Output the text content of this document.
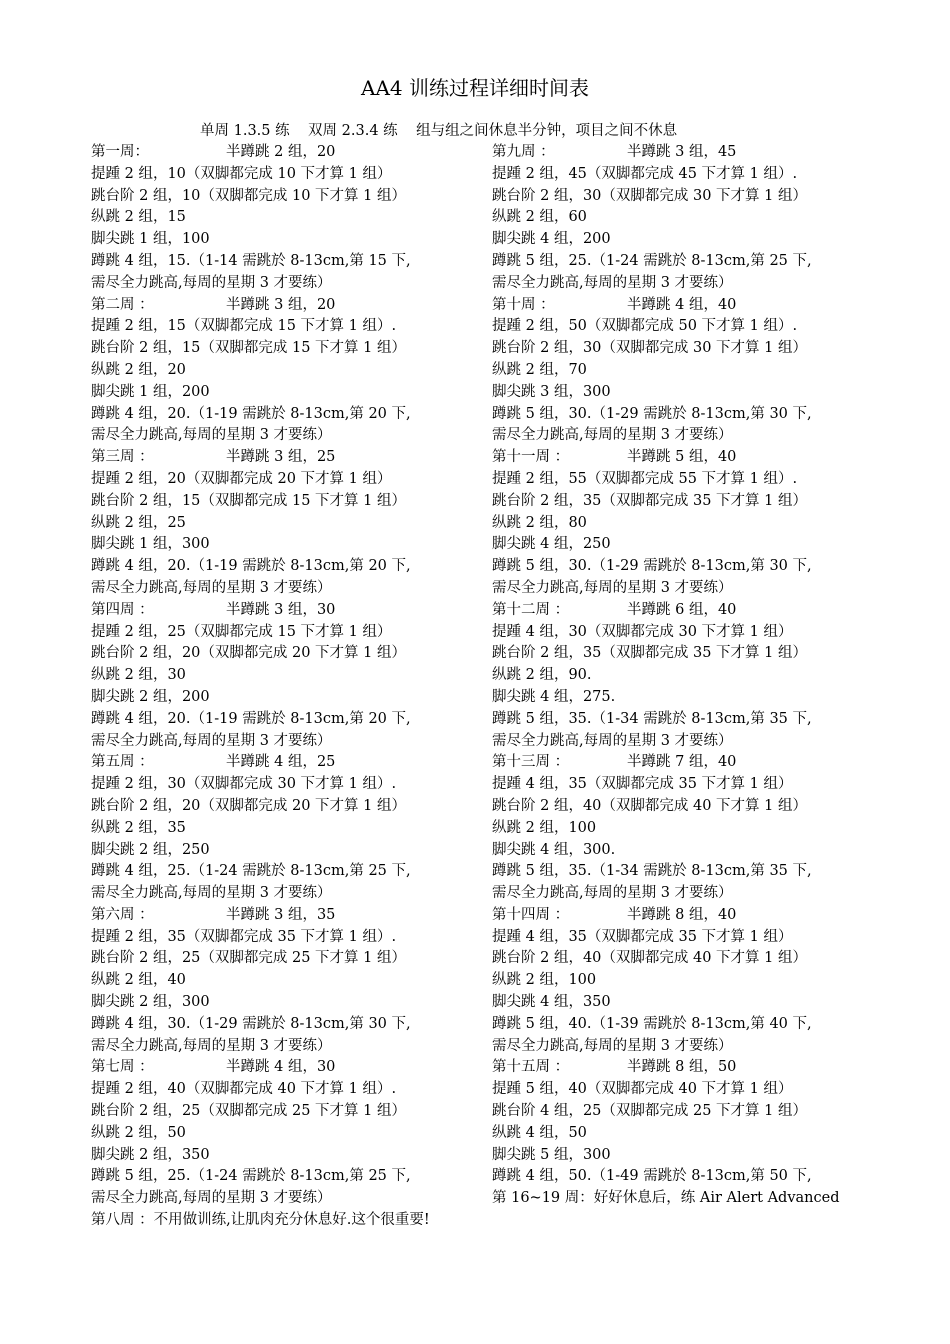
AA4 训练过程详细时间表
单周 1.3.5 练    双周 2.3.4 练    组与组之间休息半分钟，项目之间不休息
第一周：	半蹲跳 2 组，20
提踵 2 组，10（双脚都完成 10 下才算 1 组）
跳台阶 2 组，10（双脚都完成 10 下才算 1 组）
纵跳 2 组，15
脚尖跳 1 组，100
蹲跳 4 组，15.（1-14 需跳於 8-13cm,第 15 下,
需尽全力跳高,每周的星期 3 才要练）
第二周 ：	半蹲跳 3 组，20
提踵 2 组，15（双脚都完成 15 下才算 1 组）.
跳台阶 2 组，15（双脚都完成 15 下才算 1 组）
纵跳 2 组，20
脚尖跳 1 组，200
蹲跳 4 组，20.（1-19 需跳於 8-13cm,第 20 下,
需尽全力跳高,每周的星期 3 才要练）
第三周 ：	半蹲跳 3 组，25
提踵 2 组，20（双脚都完成 20 下才算 1 组）
跳台阶 2 组，15（双脚都完成 15 下才算 1 组）
纵跳 2 组，25
脚尖跳 1 组，300
蹲跳 4 组，20.（1-19 需跳於 8-13cm,第 20 下,
需尽全力跳高,每周的星期 3 才要练）
第四周 ：	半蹲跳 3 组，30
提踵 2 组，25（双脚都完成 15 下才算 1 组）
跳台阶 2 组，20（双脚都完成 20 下才算 1 组）
纵跳 2 组，30
脚尖跳 2 组，200
蹲跳 4 组，20.（1-19 需跳於 8-13cm,第 20 下,
需尽全力跳高,每周的星期 3 才要练）
第五周 ：	半蹲跳 4 组，25
提踵 2 组，30（双脚都完成 30 下才算 1 组）.
跳台阶 2 组，20（双脚都完成 20 下才算 1 组）
纵跳 2 组，35
脚尖跳 2 组，250
蹲跳 4 组，25.（1-24 需跳於 8-13cm,第 25 下,
需尽全力跳高,每周的星期 3 才要练）
第六周 ：	半蹲跳 3 组，35
提踵 2 组，35（双脚都完成 35 下才算 1 组）.
跳台阶 2 组，25（双脚都完成 25 下才算 1 组）
纵跳 2 组，40
脚尖跳 2 组，300
蹲跳 4 组，30.（1-29 需跳於 8-13cm,第 30 下,
需尽全力跳高,每周的星期 3 才要练）
第七周 ：	半蹲跳 4 组，30
提踵 2 组，40（双脚都完成 40 下才算 1 组）.
跳台阶 2 组，25（双脚都完成 25 下才算 1 组）
纵跳 2 组，50
脚尖跳 2 组，350
蹲跳 5 组，25.（1-24 需跳於 8-13cm,第 25 下,
需尽全力跳高,每周的星期 3 才要练）
第八周 ：不用做训练,让肌肉充分休息好.这个很重要!
第九周 ：	半蹲跳 3 组，45
提踵 2 组，45（双脚都完成 45 下才算 1 组）.
跳台阶 2 组，30（双脚都完成 30 下才算 1 组）
纵跳 2 组，60
脚尖跳 4 组，200
蹲跳 5 组，25.（1-24 需跳於 8-13cm,第 25 下,
需尽全力跳高,每周的星期 3 才要练）
第十周 ：	半蹲跳 4 组，40
提踵 2 组，50（双脚都完成 50 下才算 1 组）.
跳台阶 2 组，30（双脚都完成 30 下才算 1 组）
纵跳 2 组，70
脚尖跳 3 组，300
蹲跳 5 组，30.（1-29 需跳於 8-13cm,第 30 下,
需尽全力跳高,每周的星期 3 才要练）
第十一周 ：	半蹲跳 5 组，40
提踵 2 组，55（双脚都完成 55 下才算 1 组）.
跳台阶 2 组，35（双脚都完成 35 下才算 1 组）
纵跳 2 组，80
脚尖跳 4 组，250
蹲跳 5 组，30.（1-29 需跳於 8-13cm,第 30 下,
需尽全力跳高,每周的星期 3 才要练）
第十二周 ：	半蹲跳 6 组，40
提踵 4 组，30（双脚都完成 30 下才算 1 组）
跳台阶 2 组，35（双脚都完成 35 下才算 1 组）
纵跳 2 组，90.
脚尖跳 4 组，275.
蹲跳 5 组，35.（1-34 需跳於 8-13cm,第 35 下,
需尽全力跳高,每周的星期 3 才要练）
第十三周 ：	半蹲跳 7 组，40
提踵 4 组，35（双脚都完成 35 下才算 1 组）
跳台阶 2 组，40（双脚都完成 40 下才算 1 组）
纵跳 2 组，100
脚尖跳 4 组，300.
蹲跳 5 组，35.（1-34 需跳於 8-13cm,第 35 下,
需尽全力跳高,每周的星期 3 才要练）
第十四周 ：	半蹲跳 8 组，40
提踵 4 组，35（双脚都完成 35 下才算 1 组）
跳台阶 2 组，40（双脚都完成 40 下才算 1 组）
纵跳 2 组，100
脚尖跳 4 组，350
蹲跳 5 组，40.（1-39 需跳於 8-13cm,第 40 下,
需尽全力跳高,每周的星期 3 才要练）
第十五周 ：	半蹲跳 8 组，50
提踵 5 组，40（双脚都完成 40 下才算 1 组）
跳台阶 4 组，25（双脚都完成 25 下才算 1 组）
纵跳 4 组，50
脚尖跳 5 组，300
蹲跳 4 组，50.（1-49 需跳於 8-13cm,第 50 下,
第 16~19 周：好好休息后，练 Air Alert Advanced
